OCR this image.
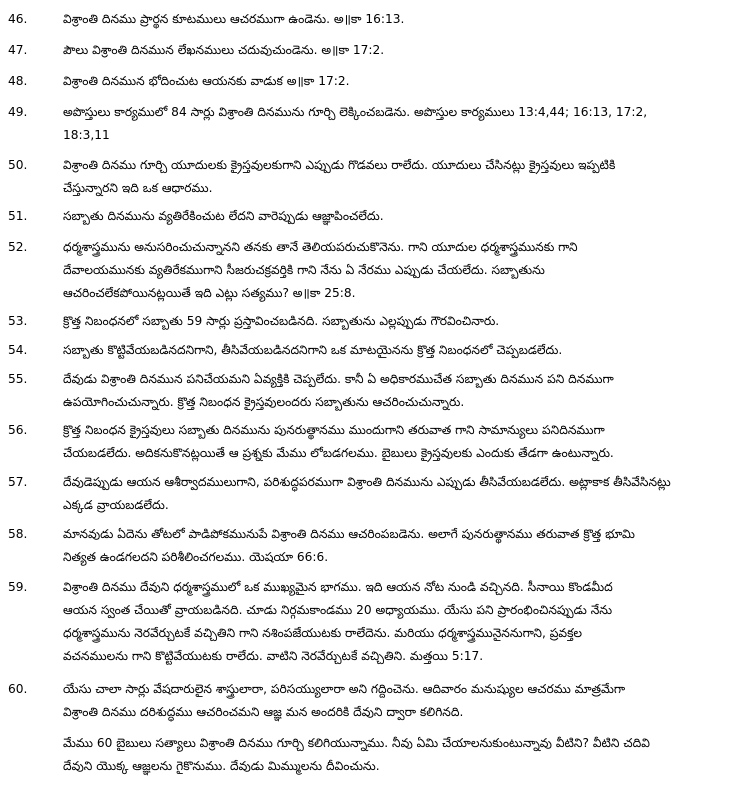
46.	విశ్రాంతి దినము ప్రార్థన కూటములు ఆచరముగా ఉండెను. అ॥కా 16:13.
47.	పౌలు విశ్రాంతి దినమున లేఖనములు చదువుచుండెను. అ॥కా 17:2.
48.	విశ్రాంతి దినమున భోదించుట ఆయనకు వాడుక అ॥కా 17:2.
49.	అపొస్తులు కార్యములో 84 సార్లు విశ్రాంతి దినమును గూర్చి లెక్కించబడెను. అపొస్తుల కార్యములు 13:4,44; 16:13, 17:2,
18:3,11
50.	విశ్రాంతి దినము గూర్చి యూదులకు క్రైస్తవులకుగాని ఎప్పుడు గొడవలు రాలేదు. యూదులు చేసినట్లు క్రైస్తవులు ఇప్పటికి
చేస్తున్నారని ఇది ఒక ఆధారము.
51.	సబ్బాతు దినమును వ్యతిరేకించుట లేదని వారెప్పుడు ఆజ్ఞాపించలేదు.
52.	ధర్మశాస్త్రమును అనుసరించుచున్నానని తనకు తానే తెలియపరుచుకొనెను. గాని యూదుల ధర్మశాస్త్రమునకు గాని
దేవాలయమునకు వ్యతిరేకముగాని సీజరుచక్రవర్తికి గాని నేను ఏ నేరము ఎప్పుడు చేయలేదు. సబ్బాతును
ఆచరించలేకపోయినట్లయితే ఇది ఎట్లు సత్యము? అ॥కా 25:8.
53.	క్రొత్త నిబంధనలో సబ్బాతు 59 సార్లు ప్రస్తావించబడినది. సబ్బాతును ఎల్లప్పుడు గౌరవించినారు.
54.	సబ్బాతు కొట్టివేయబడినదనిగాని, తీసివేయబడినదనిగాని ఒక మాటయైనను క్రొత్త నిబంధనలో చెప్పబడలేదు.
55.	దేవుడు విశ్రాంతి దినమున పనిచేయమని ఏవ్యక్తికి చెప్పలేదు. కానీ ఏ అధికారముచేత సబ్బాతు దినమున పని దినముగా
ఉపయోగించుచున్నారు. క్రొత్త నిబంధన క్రైస్తవులందరు సబ్బాతును ఆచరించుచున్నారు.
56.	క్రొత్త నిబంధన క్రైస్తవులు సబ్బాతు దినమును పునరుత్థానము ముందుగాని తరువాత గాని సామాన్యులు పనిదినముగా
చేయబడలేదు. అదికనుకొనట్లయితే ఆ ప్రశ్నకు మేము లోబడగలము. బైబులు క్రైస్తవులకు ఎందుకు తేడగా ఉంటున్నారు.
57.	దేవుడెప్పుడు ఆయన ఆశీర్వాదములుగాని, పరిశుద్ధపరముగా విశ్రాంతి దినమును ఎప్పుడు తీసివేయబడలేదు. అట్లాకాక తీసివేసినట్లు
ఎక్కడ వ్రాయబడలేదు.
58.	మానవుడు ఏదెను తోటలో పాడిపోకమునుపే విశ్రాంతి దినము ఆచరింపబడెను. అలాగే పునరుత్థానము తరువాత క్రొత్త భూమి
నిత్యత ఉండగలదని పరిశీలించగలము. యెషయా 66:6.
59.	విశ్రాంతి దినము దేవుని ధర్మశాస్త్రములో ఒక ముఖ్యమైన భాగము. ఇది ఆయన నోట నుండి వచ్చినది. సీనాయి కొండమీద
ఆయన స్వంత చేయితో వ్రాయబడినది. చూడు నిర్గమకాండము 20 అధ్యాయము. యేసు పని ప్రారంభించినప్పుడు నేను
ధర్మశాస్త్రమును నెరవేర్చుటకే వచ్చితిని గాని నశింపజేయుటకు రాలేదెను. మరియు ధర్మశాస్త్రమునైననుగాని, ప్రవక్తల
వచనములను గాని కొట్టివేయుటకు రాలేదు. వాటిని నెరవేర్చుటకే వచ్చితిని. మత్తయి 5:17.
60.	యేసు చాలా సార్లు వేషదారులైన శాస్త్రులారా, పరిసయ్యులారా అని గద్దించెను. ఆదివారం మనుష్యుల ఆచరము మాత్రమేగా
విశ్రాంతి దినము దరిశుద్ధము ఆచరించమని ఆజ్ఞ మన అందరికి దేవుని ద్వారా కలిగినది.
మేము 60 బైబులు సత్యాలు విశ్రాంతి దినము గూర్చి కలిగియున్నాము. నీవు ఏమి చేయాలనుకుంటున్నావు వీటిని? వీటిని చదివి
దేవుని యొక్క ఆజ్ఞలను గైకొనుము. దేవుడు మిమ్ములను దీవించును.
